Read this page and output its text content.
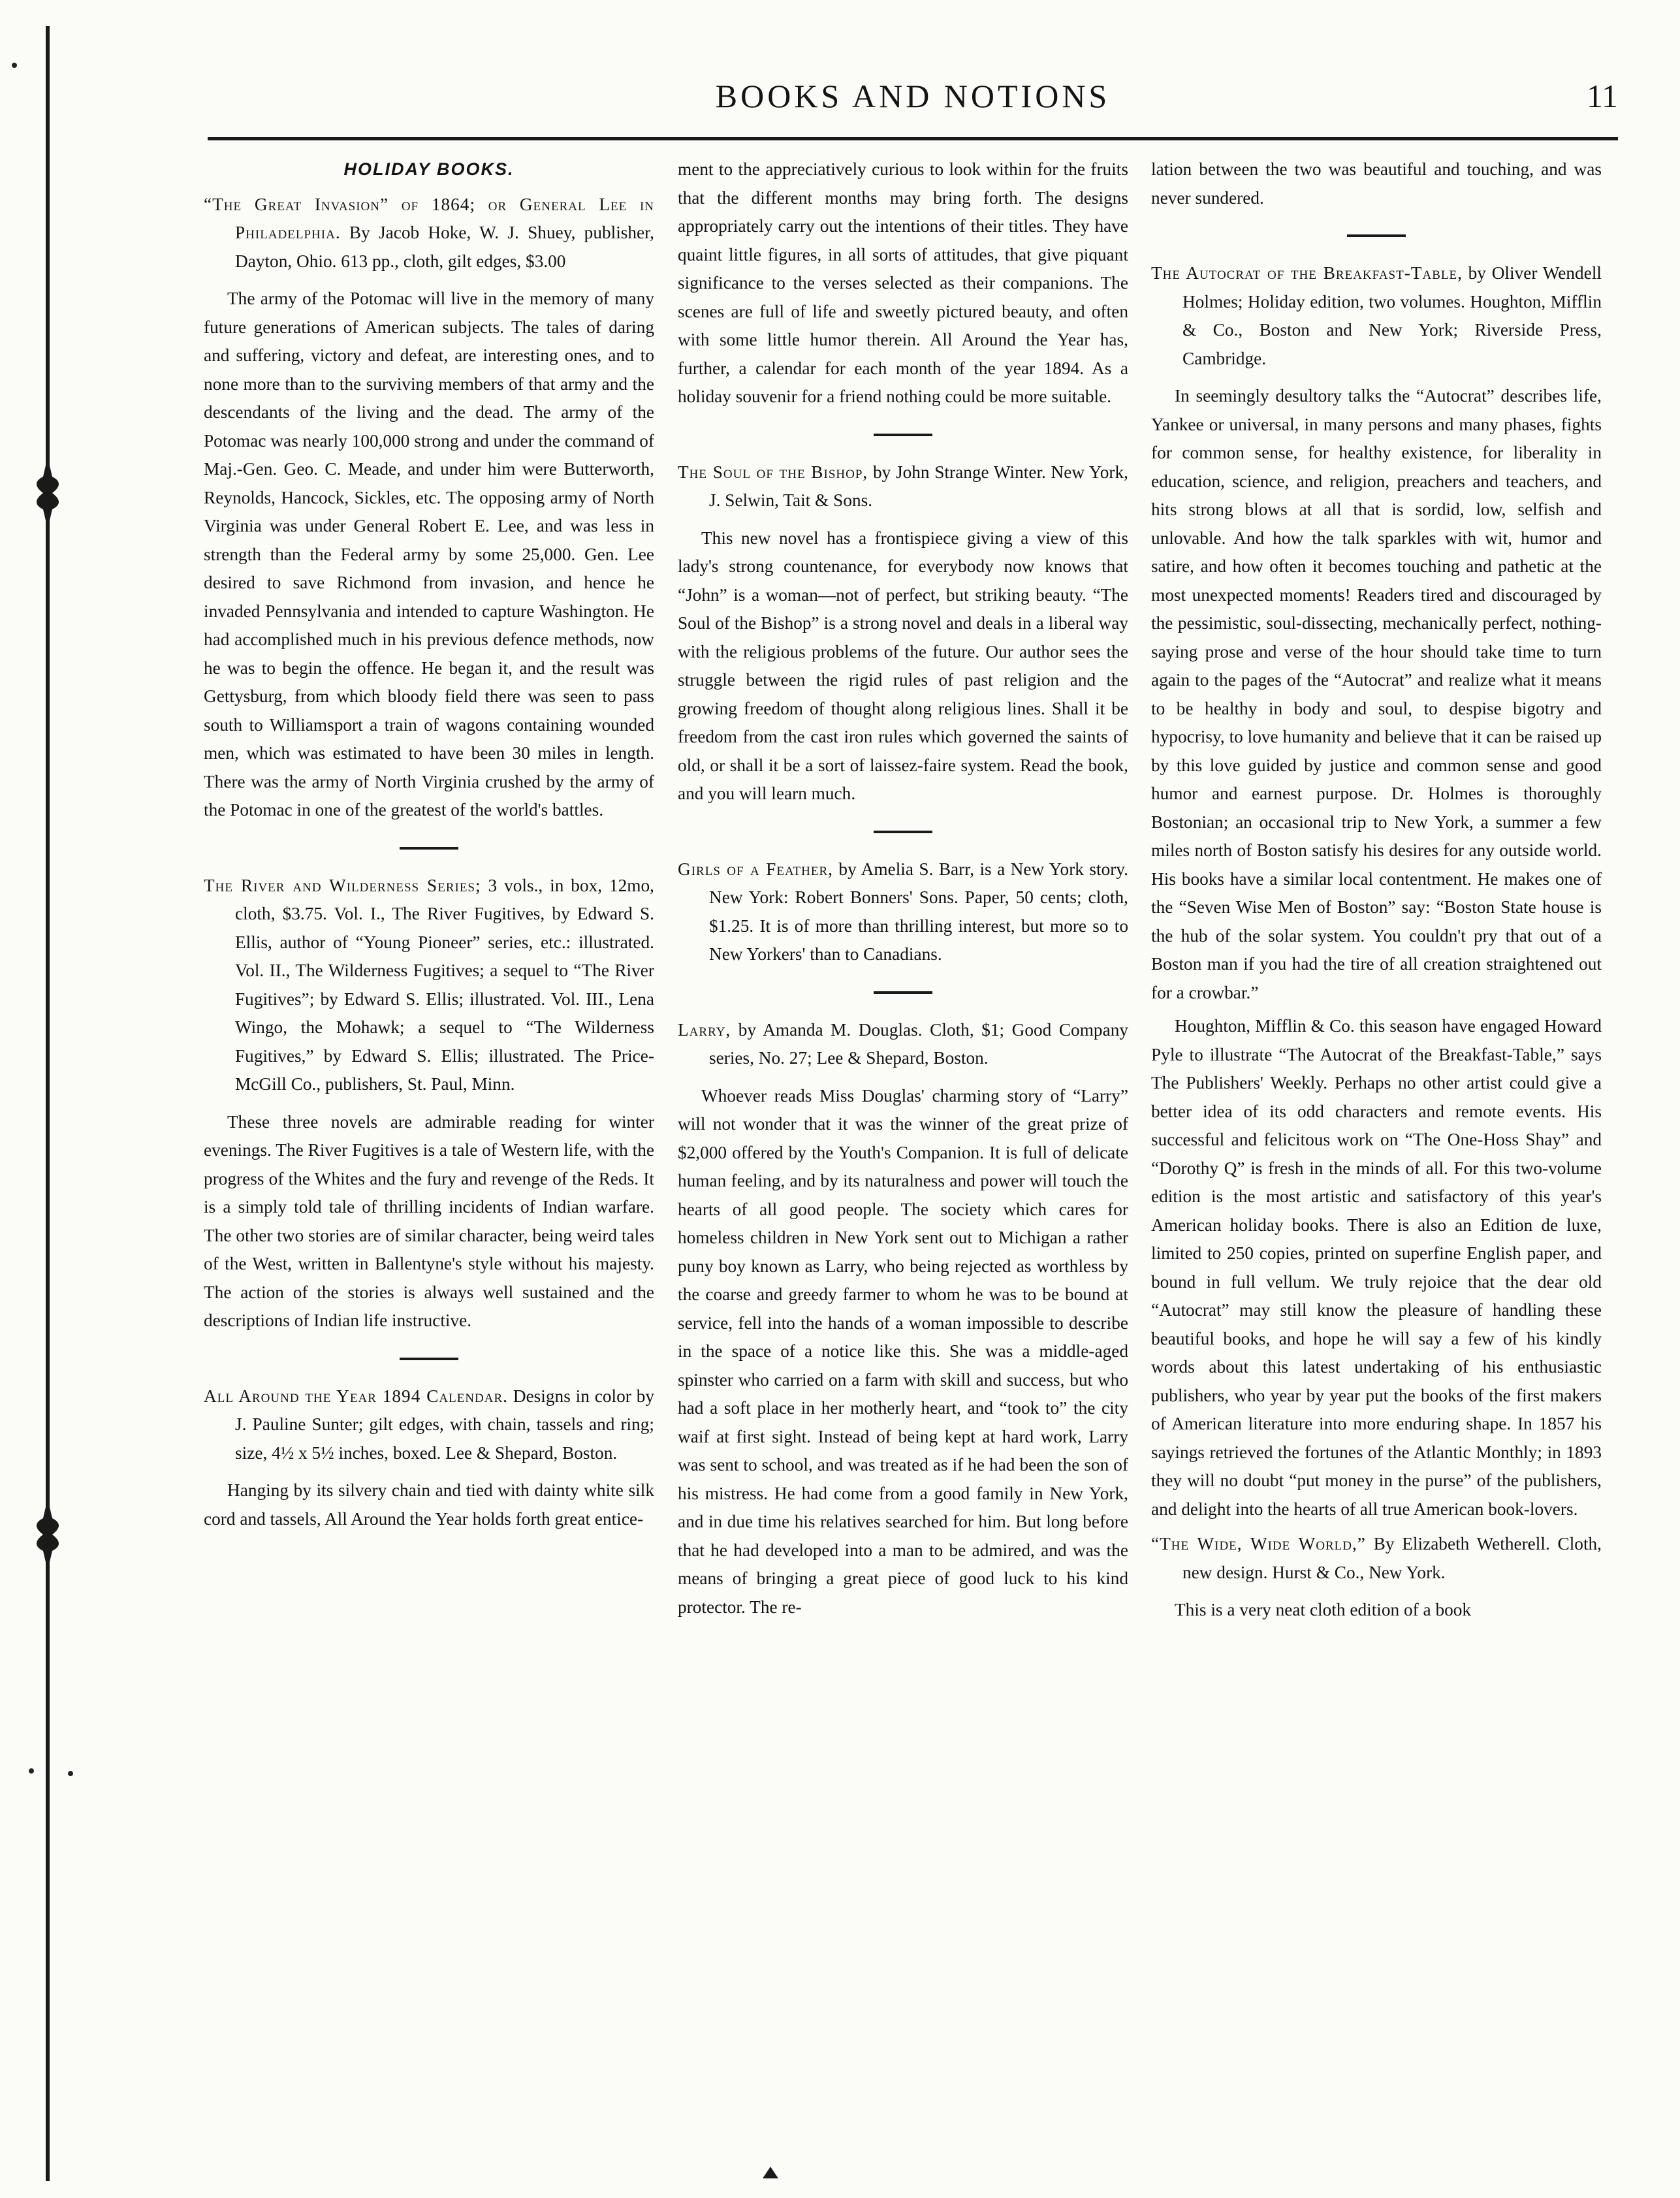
BOOKS AND NOTIONS	11
HOLIDAY BOOKS.

“The Great Invasion” of 1864; or General Lee in Philadelphia. By Jacob Hoke, W. J. Shuey, publisher, Dayton, Ohio. 613 pp., cloth, gilt edges, $3.00

The army of the Potomac will live in the memory of many future generations of American subjects. The tales of daring and suffering, victory and defeat, are interesting ones, and to none more than to the surviving members of that army and the descendants of the living and the dead. The army of the Potomac was nearly 100,000 strong and under the command of Maj.-Gen. Geo. C. Meade, and under him were Butterworth, Reynolds, Hancock, Sickles, etc. The opposing army of North Virginia was under General Robert E. Lee, and was less in strength than the Federal army by some 25,000. Gen. Lee desired to save Richmond from invasion, and hence he invaded Pennsylvania and intended to capture Washington. He had accomplished much in his previous defence methods, now he was to begin the offence. He began it, and the result was Gettysburg, from which bloody field there was seen to pass south to Williamsport a train of wagons containing wounded men, which was estimated to have been 30 miles in length. There was the army of North Virginia crushed by the army of the Potomac in one of the greatest of the world's battles.

The River and Wilderness Series; 3 vols., in box, 12mo, cloth, $3.75. Vol. I., The River Fugitives, by Edward S. Ellis, author of “Young Pioneer” series, etc.: illustrated. Vol. II., The Wilderness Fugitives; a sequel to “The River Fugitives”; by Edward S. Ellis; illustrated. Vol. III., Lena Wingo, the Mohawk; a sequel to “The Wilderness Fugitives,” by Edward S. Ellis; illustrated. The Price-McGill Co., publishers, St. Paul, Minn.

These three novels are admirable reading for winter evenings. The River Fugitives is a tale of Western life, with the progress of the Whites and the fury and revenge of the Reds. It is a simply told tale of thrilling incidents of Indian warfare. The other two stories are of similar character, being weird tales of the West, written in Ballentyne's style without his majesty. The action of the stories is always well sustained and the descriptions of Indian life instructive.

All Around the Year 1894 Calendar. Designs in color by J. Pauline Sunter; gilt edges, with chain, tassels and ring; size, 4½ x 5½ inches, boxed. Lee & Shepard, Boston.

Hanging by its silvery chain and tied with dainty white silk cord and tassels, All Around the Year holds forth great entice-

ment to the appreciatively curious to look within for the fruits that the different months may bring forth. The designs appropriately carry out the intentions of their titles. They have quaint little figures, in all sorts of attitudes, that give piquant significance to the verses selected as their companions. The scenes are full of life and sweetly pictured beauty, and often with some little humor therein. All Around the Year has, further, a calendar for each month of the year 1894. As a holiday souvenir for a friend nothing could be more suitable.

The Soul of the Bishop, by John Strange Winter. New York, J. Selwin, Tait & Sons.

This new novel has a frontispiece giving a view of this lady's strong countenance, for everybody now knows that “John” is a woman—not of perfect, but striking beauty. “The Soul of the Bishop” is a strong novel and deals in a liberal way with the religious problems of the future. Our author sees the struggle between the rigid rules of past religion and the growing freedom of thought along religious lines. Shall it be freedom from the cast iron rules which governed the saints of old, or shall it be a sort of laissez-faire system. Read the book, and you will learn much.

Girls of a Feather, by Amelia S. Barr, is a New York story. New York: Robert Bonners' Sons. Paper, 50 cents; cloth, $1.25. It is of more than thrilling interest, but more so to New Yorkers' than to Canadians.

Larry, by Amanda M. Douglas. Cloth, $1; Good Company series, No. 27; Lee & Shepard, Boston.

Whoever reads Miss Douglas' charming story of “Larry” will not wonder that it was the winner of the great prize of $2,000 offered by the Youth's Companion. It is full of delicate human feeling, and by its naturalness and power will touch the hearts of all good people. The society which cares for homeless children in New York sent out to Michigan a rather puny boy known as Larry, who being rejected as worthless by the coarse and greedy farmer to whom he was to be bound at service, fell into the hands of a woman impossible to describe in the space of a notice like this. She was a middle-aged spinster who carried on a farm with skill and success, but who had a soft place in her motherly heart, and “took to” the city waif at first sight. Instead of being kept at hard work, Larry was sent to school, and was treated as if he had been the son of his mistress. He had come from a good family in New York, and in due time his relatives searched for him. But long before that he had developed into a man to be admired, and was the means of bringing a great piece of good luck to his kind protector. The re-

lation between the two was beautiful and touching, and was never sundered.

The Autocrat of the Breakfast-Table, by Oliver Wendell Holmes; Holiday edition, two volumes. Houghton, Mifflin & Co., Boston and New York; Riverside Press, Cambridge.

In seemingly desultory talks the “Autocrat” describes life, Yankee or universal, in many persons and many phases, fights for common sense, for healthy existence, for liberality in education, science, and religion, preachers and teachers, and hits strong blows at all that is sordid, low, selfish and unlovable. And how the talk sparkles with wit, humor and satire, and how often it becomes touching and pathetic at the most unexpected moments! Readers tired and discouraged by the pessimistic, soul-dissecting, mechanically perfect, nothing-saying prose and verse of the hour should take time to turn again to the pages of the “Autocrat” and realize what it means to be healthy in body and soul, to despise bigotry and hypocrisy, to love humanity and believe that it can be raised up by this love guided by justice and common sense and good humor and earnest purpose. Dr. Holmes is thoroughly Bostonian; an occasional trip to New York, a summer a few miles north of Boston satisfy his desires for any outside world. His books have a similar local contentment. He makes one of the “Seven Wise Men of Boston” say: “Boston State house is the hub of the solar system. You couldn't pry that out of a Boston man if you had the tire of all creation straightened out for a crowbar.”

Houghton, Mifflin & Co. this season have engaged Howard Pyle to illustrate “The Autocrat of the Breakfast-Table,” says The Publishers' Weekly. Perhaps no other artist could give a better idea of its odd characters and remote events. His successful and felicitous work on “The One-Hoss Shay” and “Dorothy Q” is fresh in the minds of all. For this two-volume edition is the most artistic and satisfactory of this year's American holiday books. There is also an Edition de luxe, limited to 250 copies, printed on superfine English paper, and bound in full vellum. We truly rejoice that the dear old “Autocrat” may still know the pleasure of handling these beautiful books, and hope he will say a few of his kindly words about this latest undertaking of his enthusiastic publishers, who year by year put the books of the first makers of American literature into more enduring shape. In 1857 his sayings retrieved the fortunes of the Atlantic Monthly; in 1893 they will no doubt “put money in the purse” of the publishers, and delight into the hearts of all true American book-lovers.

“The Wide, Wide World,” By Elizabeth Wetherell. Cloth, new design. Hurst & Co., New York.

This is a very neat cloth edition of a book
